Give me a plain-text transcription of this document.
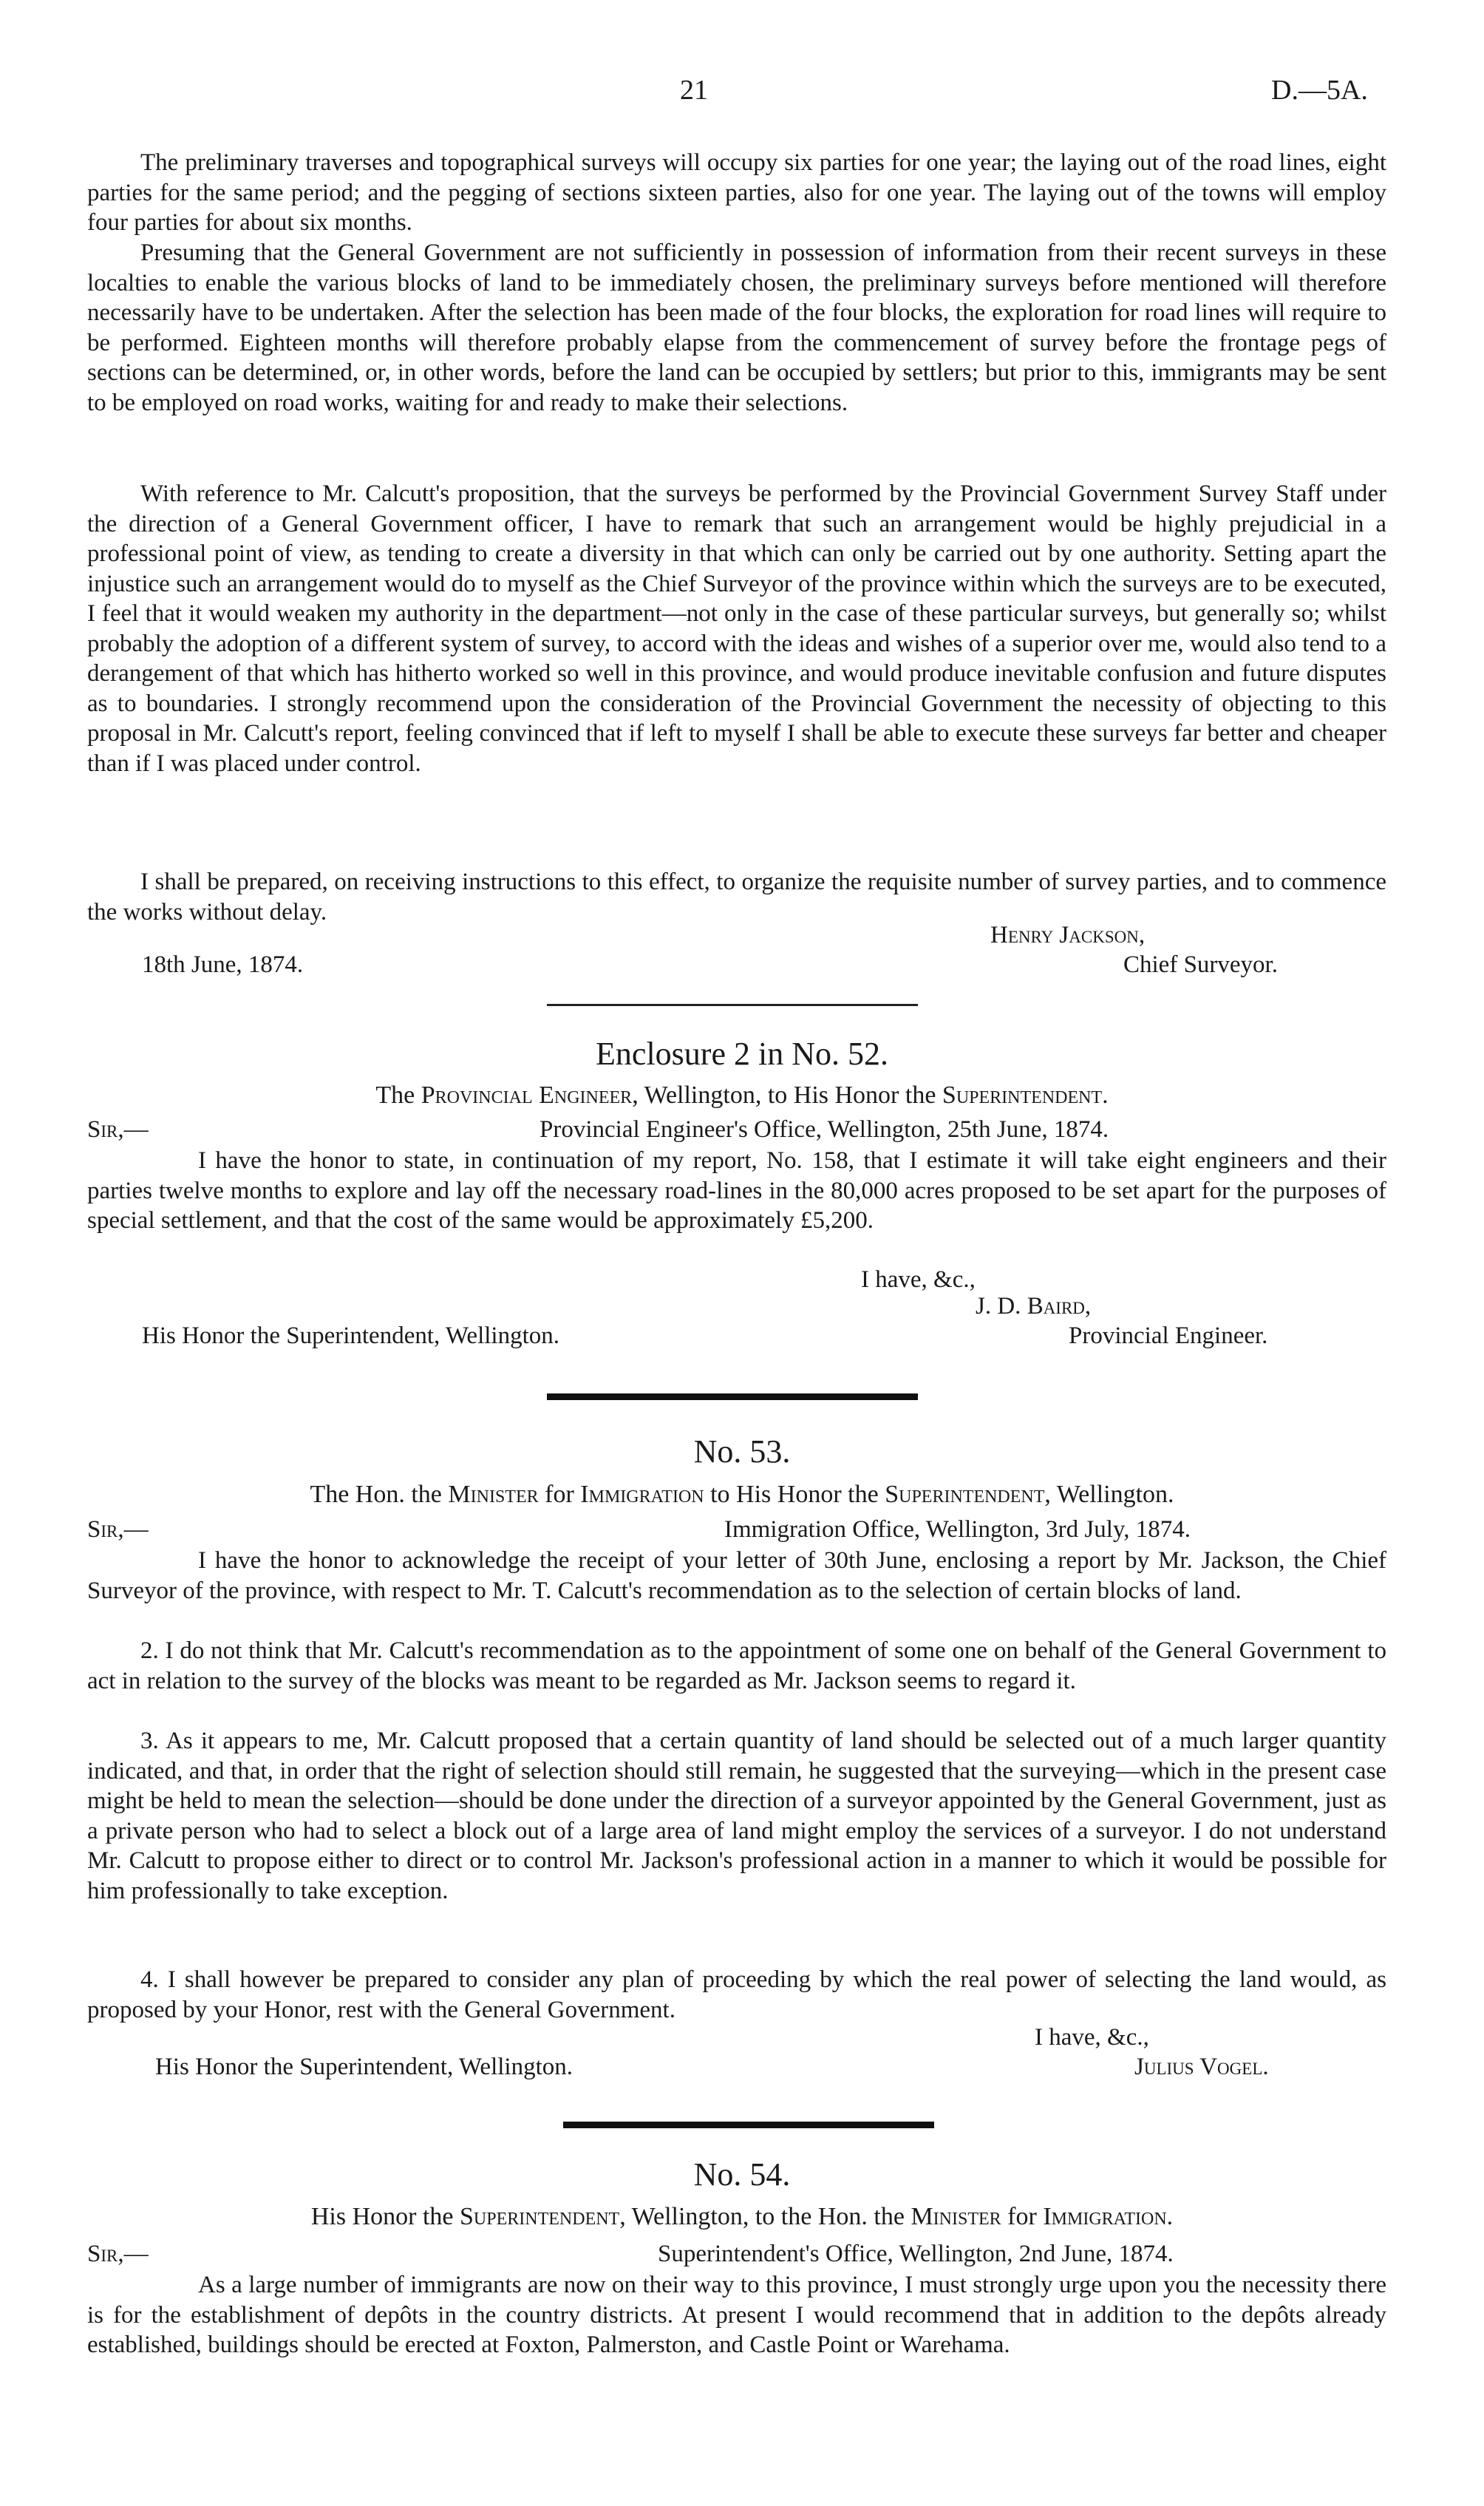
21	D.—5A.

The preliminary traverses and topographical surveys will occupy six parties for one year; the laying out of the road lines, eight parties for the same period; and the pegging of sections sixteen parties, also for one year. The laying out of the towns will employ four parties for about six months.

Presuming that the General Government are not sufficiently in possession of information from their recent surveys in these localties to enable the various blocks of land to be immediately chosen, the preliminary surveys before mentioned will therefore necessarily have to be undertaken. After the selection has been made of the four blocks, the exploration for road lines will require to be performed. Eighteen months will therefore probably elapse from the commencement of survey before the frontage pegs of sections can be determined, or, in other words, before the land can be occupied by settlers; but prior to this, immigrants may be sent to be employed on road works, waiting for and ready to make their selections.

With reference to Mr. Calcutt's proposition, that the surveys be performed by the Provincial Government Survey Staff under the direction of a General Government officer, I have to remark that such an arrangement would be highly prejudicial in a professional point of view, as tending to create a diversity in that which can only be carried out by one authority. Setting apart the injustice such an arrangement would do to myself as the Chief Surveyor of the province within which the surveys are to be executed, I feel that it would weaken my authority in the department—not only in the case of these particular surveys, but generally so; whilst probably the adoption of a different system of survey, to accord with the ideas and wishes of a superior over me, would also tend to a derangement of that which has hitherto worked so well in this province, and would produce inevitable confusion and future disputes as to boundaries. I strongly recommend upon the consideration of the Provincial Government the necessity of objecting to this proposal in Mr. Calcutt's report, feeling convinced that if left to myself I shall be able to execute these surveys far better and cheaper than if I was placed under control.

I shall be prepared, on receiving instructions to this effect, to organize the requisite number of survey parties, and to commence the works without delay.

Henry Jackson,
18th June, 1874.	Chief Surveyor.
Enclosure 2 in No. 52.
The Provincial Engineer, Wellington, to His Honor the Superintendent.
Sir,—	Provincial Engineer's Office, Wellington, 25th June, 1874.

I have the honor to state, in continuation of my report, No. 158, that I estimate it will take eight engineers and their parties twelve months to explore and lay off the necessary road-lines in the 80,000 acres proposed to be set apart for the purposes of special settlement, and that the cost of the same would be approximately £5,200.

I have, &c.,
J. D. Baird,
His Honor the Superintendent, Wellington.	Provincial Engineer.
No. 53.
The Hon. the Minister for Immigration to His Honor the Superintendent, Wellington.
Sir,—	Immigration Office, Wellington, 3rd July, 1874.

I have the honor to acknowledge the receipt of your letter of 30th June, enclosing a report by Mr. Jackson, the Chief Surveyor of the province, with respect to Mr. T. Calcutt's recommendation as to the selection of certain blocks of land.

2. I do not think that Mr. Calcutt's recommendation as to the appointment of some one on behalf of the General Government to act in relation to the survey of the blocks was meant to be regarded as Mr. Jackson seems to regard it.

3. As it appears to me, Mr. Calcutt proposed that a certain quantity of land should be selected out of a much larger quantity indicated, and that, in order that the right of selection should still remain, he suggested that the surveying—which in the present case might be held to mean the selection—should be done under the direction of a surveyor appointed by the General Government, just as a private person who had to select a block out of a large area of land might employ the services of a surveyor. I do not understand Mr. Calcutt to propose either to direct or to control Mr. Jackson's professional action in a manner to which it would be possible for him professionally to take exception.

4. I shall however be prepared to consider any plan of proceeding by which the real power of selecting the land would, as proposed by your Honor, rest with the General Government.

I have, &c.,
His Honor the Superintendent, Wellington.	Julius Vogel.
No. 54.
His Honor the Superintendent, Wellington, to the Hon. the Minister for Immigration.
Sir,—	Superintendent's Office, Wellington, 2nd June, 1874.

As a large number of immigrants are now on their way to this province, I must strongly urge upon you the necessity there is for the establishment of depôts in the country districts. At present I would recommend that in addition to the depôts already established, buildings should be erected at Foxton, Palmerston, and Castle Point or Warehama.
